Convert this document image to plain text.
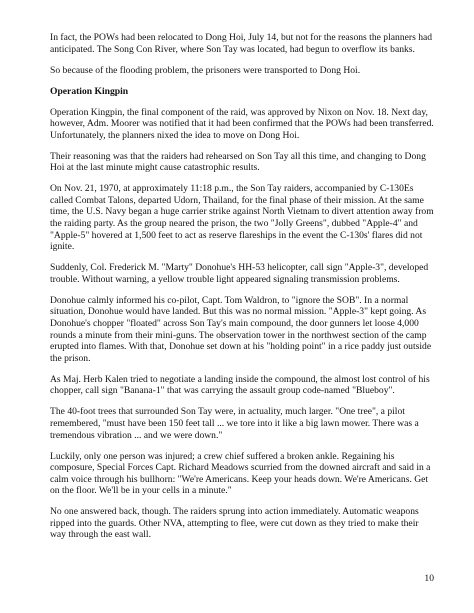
In fact, the POWs had been relocated to Dong Hoi, July 14, but not for the reasons the planners had anticipated. The Song Con River, where Son Tay was located, had begun to overflow its banks.

So because of the flooding problem, the prisoners were transported to Dong Hoi.

Operation Kingpin

Operation Kingpin, the final component of the raid, was approved by Nixon on Nov. 18. Next day, however, Adm. Moorer was notified that it had been confirmed that the POWs had been transferred. Unfortunately, the planners nixed the idea to move on Dong Hoi.

Their reasoning was that the raiders had rehearsed on Son Tay all this time, and changing to Dong Hoi at the last minute might cause catastrophic results.

On Nov. 21, 1970, at approximately 11:18 p.m., the Son Tay raiders, accompanied by C-130Es called Combat Talons, departed Udorn, Thailand, for the final phase of their mission. At the same time, the U.S. Navy began a huge carrier strike against North Vietnam to divert attention away from the raiding party. As the group neared the prison, the two "Jolly Greens", dubbed "Apple-4" and "Apple-5" hovered at 1,500 feet to act as reserve flareships in the event the C-130s' flares did not ignite.

Suddenly, Col. Frederick M. "Marty" Donohue's HH-53 helicopter, call sign "Apple-3", developed trouble. Without warning, a yellow trouble light appeared signaling transmission problems.

Donohue calmly informed his co-pilot, Capt. Tom Waldron, to "ignore the SOB". In a normal situation, Donohue would have landed. But this was no normal mission. "Apple-3" kept going. As Donohue's chopper "floated" across Son Tay's main compound, the door gunners let loose 4,000 rounds a minute from their mini-guns. The observation tower in the northwest section of the camp erupted into flames. With that, Donohue set down at his "holding point" in a rice paddy just outside the prison.

As Maj. Herb Kalen tried to negotiate a landing inside the compound, the almost lost control of his chopper, call sign "Banana-1" that was carrying the assault group code-named "Blueboy".

The 40-foot trees that surrounded Son Tay were, in actuality, much larger. "One tree", a pilot remembered, "must have been 150 feet tall ... we tore into it like a big lawn mower. There was a tremendous vibration ... and we were down."

Luckily, only one person was injured; a crew chief suffered a broken ankle. Regaining his composure, Special Forces Capt. Richard Meadows scurried from the downed aircraft and said in a calm voice through his bullhorn: "We're Americans. Keep your heads down. We're Americans. Get on the floor. We'll be in your cells in a minute."

No one answered back, though. The raiders sprung into action immediately. Automatic weapons ripped into the guards. Other NVA, attempting to flee, were cut down as they tried to make their way through the east wall.

10
